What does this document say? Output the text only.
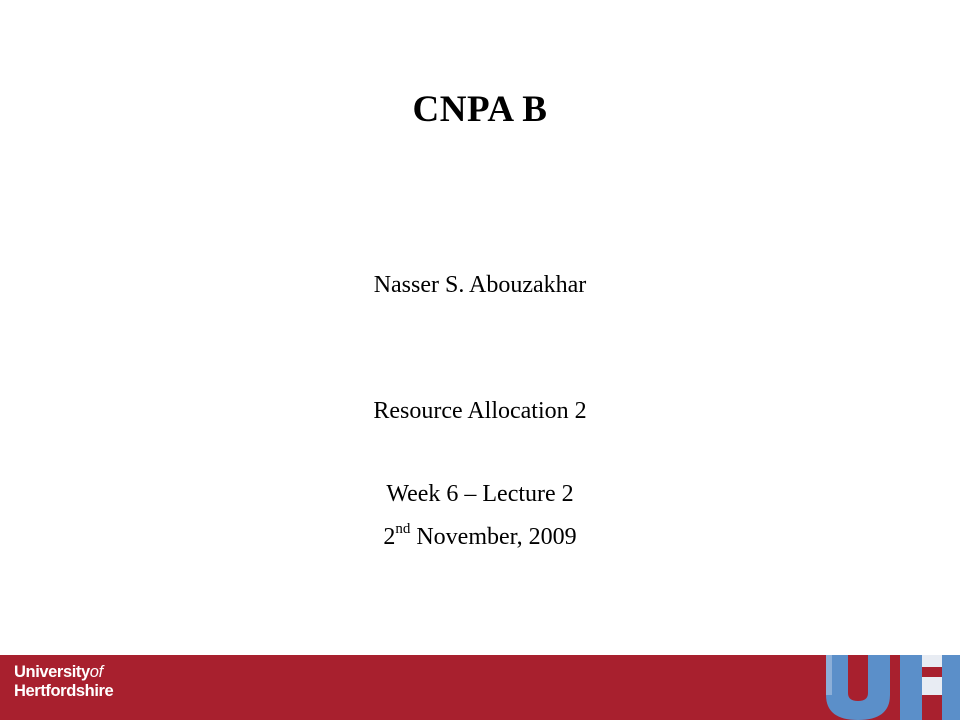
CNPA B
Nasser S. Abouzakhar
Resource Allocation 2
Week 6 – Lecture 2
2nd November, 2009
Universityof
Hertfordshire
